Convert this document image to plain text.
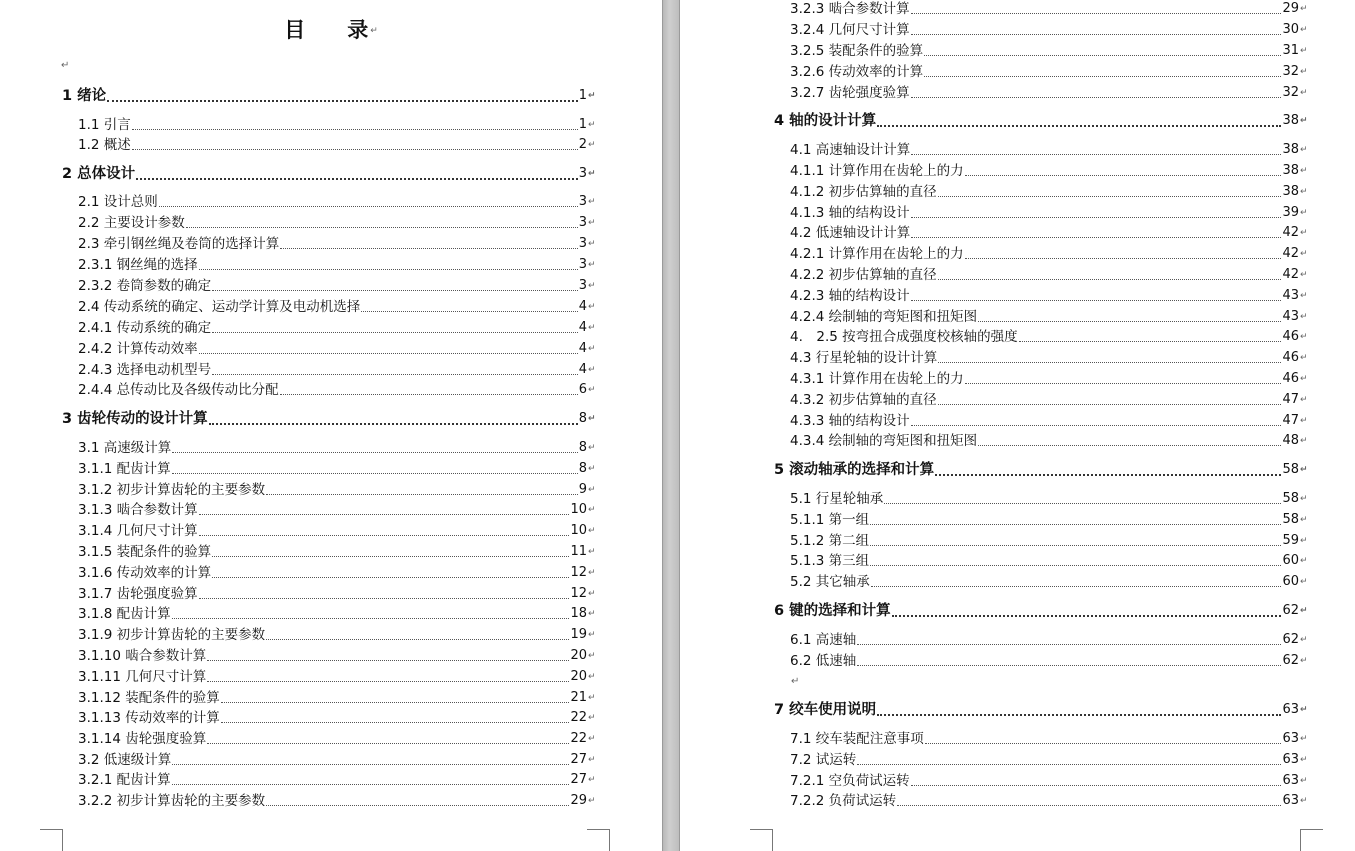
目　　录 ↵
↵
1 绪论	1 ↵
1.1 引言	1 ↵
1.2 概述	2 ↵
2 总体设计	3 ↵
2.1 设计总则	3 ↵
2.2 主要设计参数	3 ↵
2.3 牵引钢丝绳及卷筒的选择计算	3 ↵
2.3.1 钢丝绳的选择	3 ↵
2.3.2 卷筒参数的确定	3 ↵
2.4 传动系统的确定、运动学计算及电动机选择	4 ↵
2.4.1 传动系统的确定	4 ↵
2.4.2 计算传动效率	4 ↵
2.4.3 选择电动机型号	4 ↵
2.4.4 总传动比及各级传动比分配	6 ↵
3 齿轮传动的设计计算	8 ↵
3.1 高速级计算	8 ↵
3.1.1 配齿计算	8 ↵
3.1.2 初步计算齿轮的主要参数	9 ↵
3.1.3 啮合参数计算	10 ↵
3.1.4 几何尺寸计算	10 ↵
3.1.5 装配条件的验算	11 ↵
3.1.6 传动效率的计算	12 ↵
3.1.7 齿轮强度验算	12 ↵
3.1.8 配齿计算	18 ↵
3.1.9 初步计算齿轮的主要参数	19 ↵
3.1.10 啮合参数计算	20 ↵
3.1.11 几何尺寸计算	20 ↵
3.1.12 装配条件的验算	21 ↵
3.1.13 传动效率的计算	22 ↵
3.1.14 齿轮强度验算	22 ↵
3.2 低速级计算	27 ↵
3.2.1 配齿计算	27 ↵
3.2.2 初步计算齿轮的主要参数	29 ↵
3.2.3 啮合参数计算	29 ↵
3.2.4 几何尺寸计算	30 ↵
3.2.5 装配条件的验算	31 ↵
3.2.6 传动效率的计算	32 ↵
3.2.7 齿轮强度验算	32 ↵
4 轴的设计计算	38 ↵
4.1 高速轴设计计算	38 ↵
4.1.1 计算作用在齿轮上的力	38 ↵
4.1.2 初步估算轴的直径	38 ↵
4.1.3 轴的结构设计	39 ↵
4.2 低速轴设计计算	42 ↵
4.2.1 计算作用在齿轮上的力	42 ↵
4.2.2 初步估算轴的直径	42 ↵
4.2.3 轴的结构设计	43 ↵
4.2.4 绘制轴的弯矩图和扭矩图	43 ↵
4.　2.5 按弯扭合成强度校核轴的强度	46 ↵
4.3 行星轮轴的设计计算	46 ↵
4.3.1 计算作用在齿轮上的力	46 ↵
4.3.2 初步估算轴的直径	47 ↵
4.3.3 轴的结构设计	47 ↵
4.3.4 绘制轴的弯矩图和扭矩图	48 ↵
5 滚动轴承的选择和计算	58 ↵
5.1 行星轮轴承	58 ↵
5.1.1 第一组	58 ↵
5.1.2 第二组	59 ↵
5.1.3 第三组	60 ↵
5.2 其它轴承	60 ↵
6 键的选择和计算	62 ↵
6.1 高速轴	62 ↵
6.2 低速轴	62 ↵
7 绞车使用说明	63 ↵
7.1 绞车装配注意事项	63 ↵
7.2 试运转	63 ↵
7.2.1 空负荷试运转	63 ↵
7.2.2 负荷试运转	63 ↵
↵
